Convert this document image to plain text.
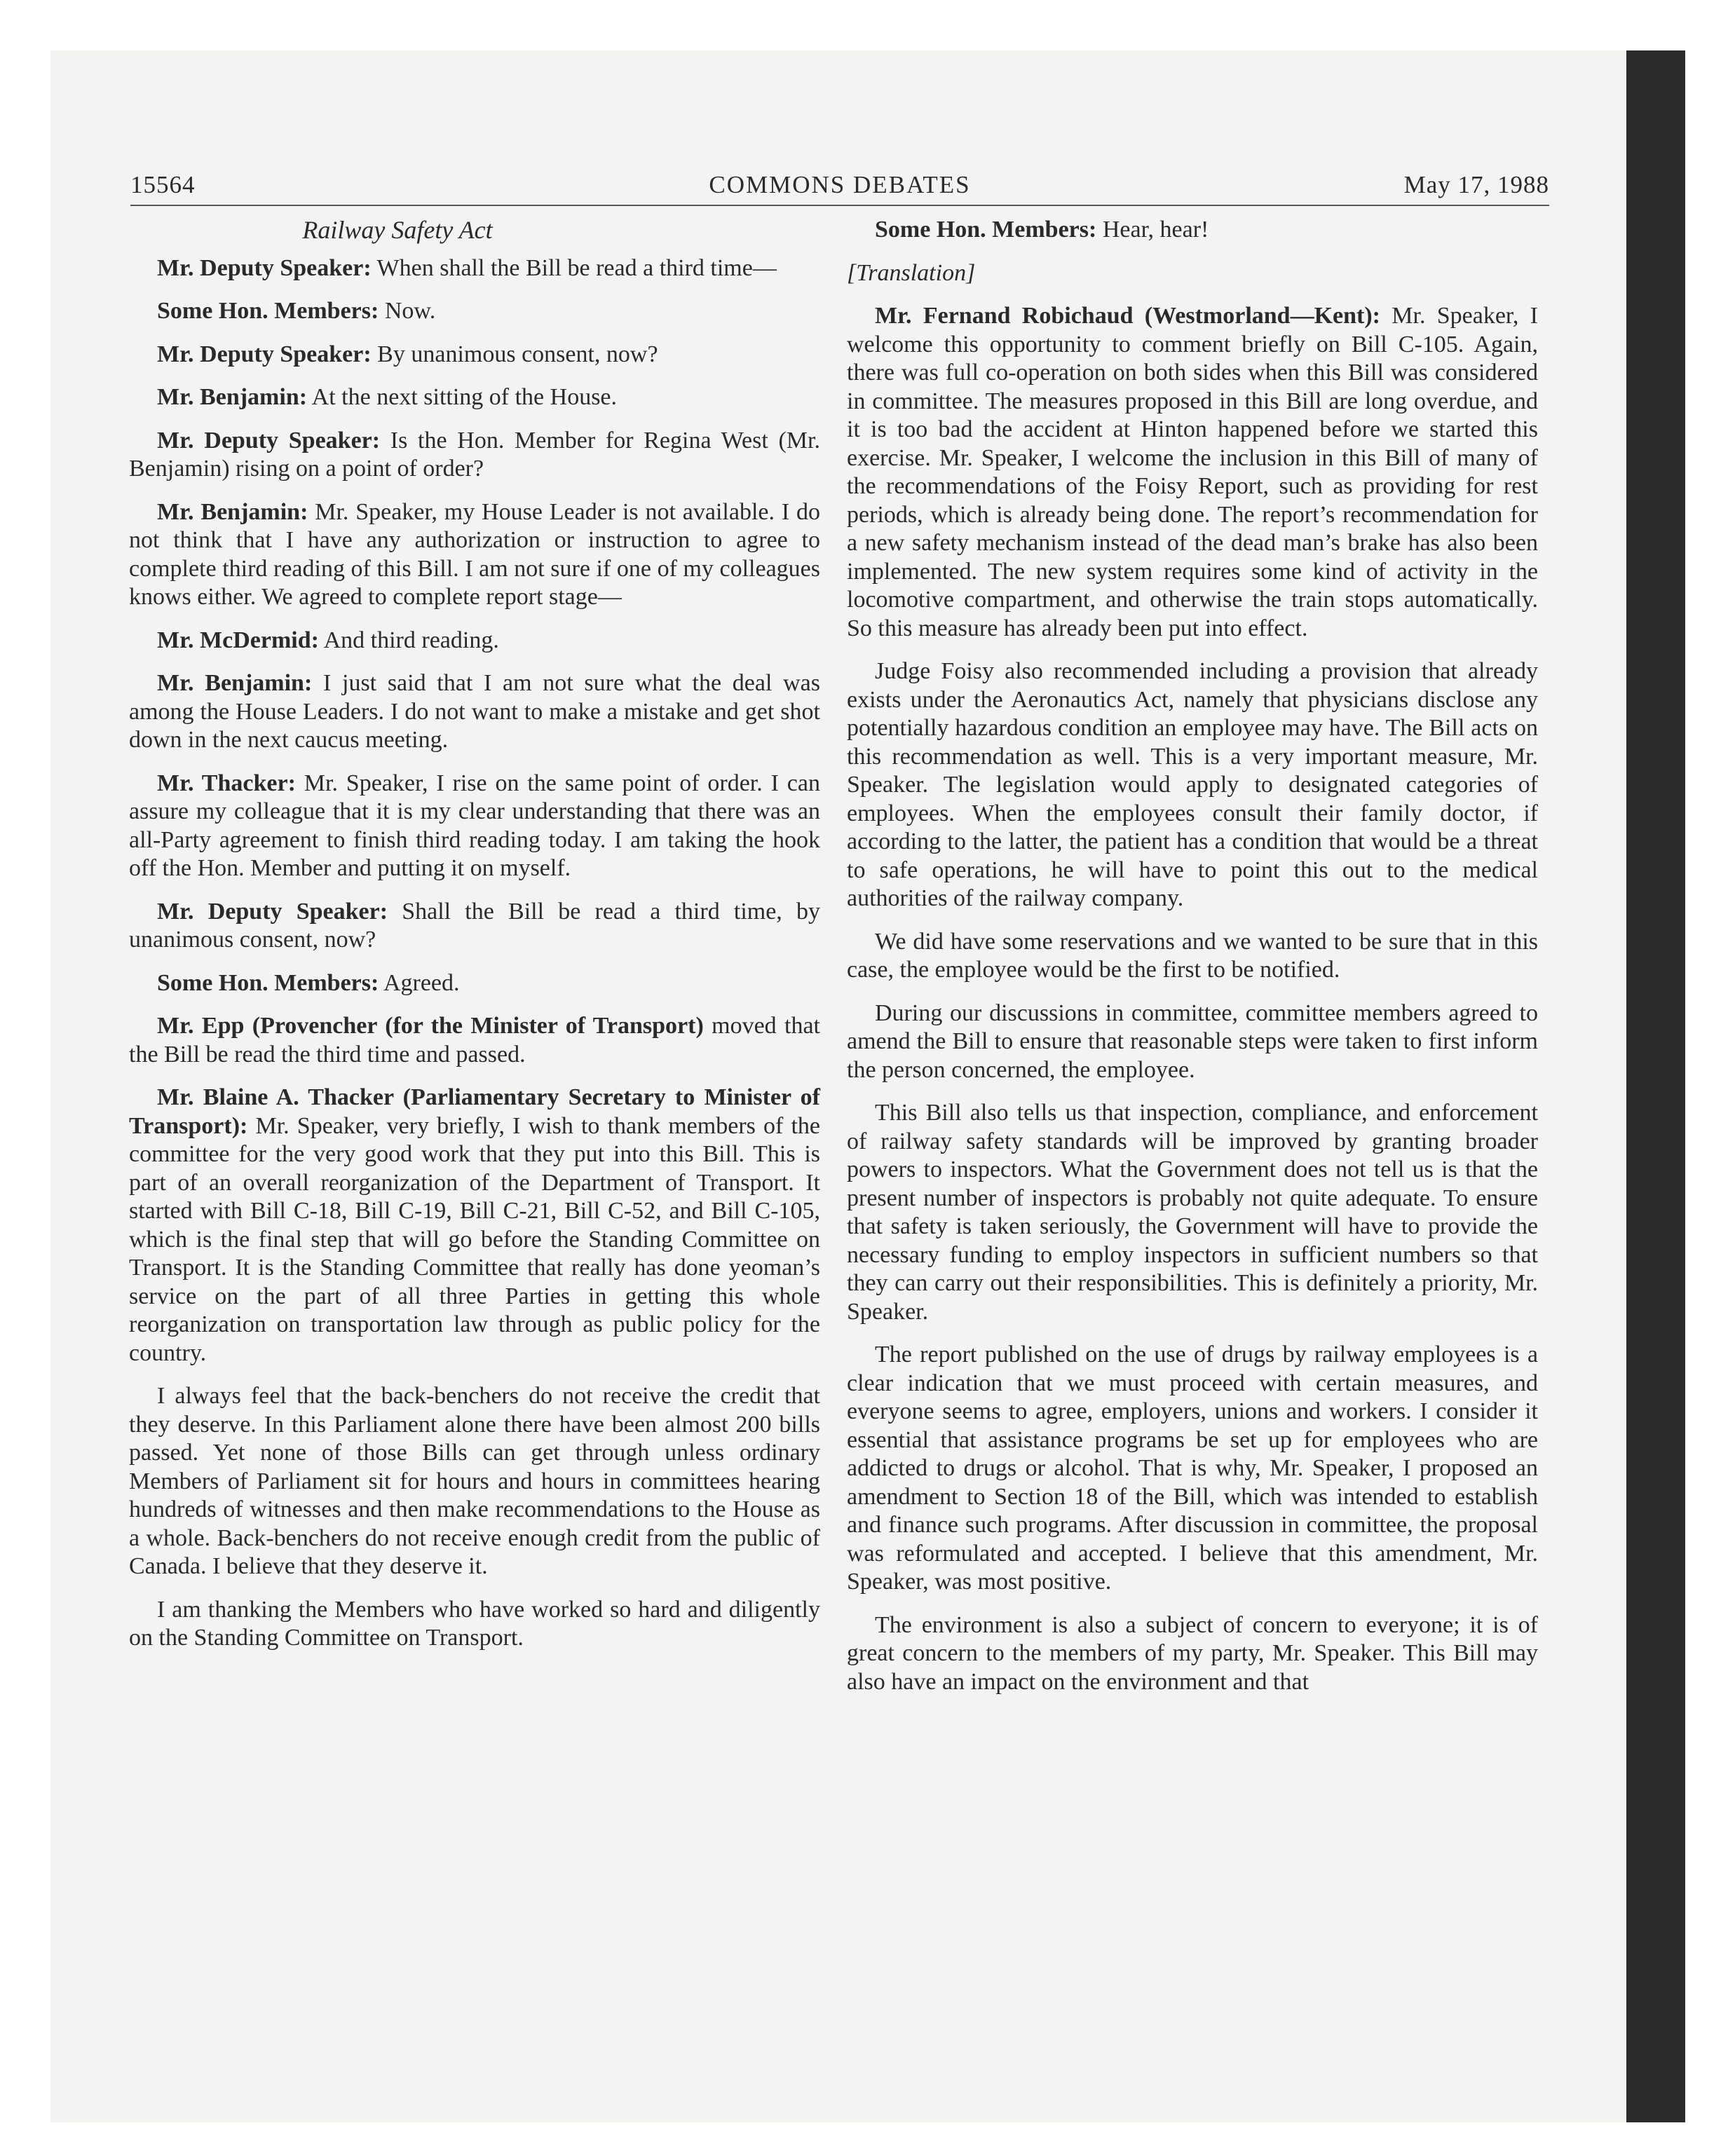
15564	COMMONS DEBATES	May 17, 1988
Railway Safety Act

Mr. Deputy Speaker: When shall the Bill be read a third time—

Some Hon. Members: Now.

Mr. Deputy Speaker: By unanimous consent, now?

Mr. Benjamin: At the next sitting of the House.

Mr. Deputy Speaker: Is the Hon. Member for Regina West (Mr. Benjamin) rising on a point of order?

Mr. Benjamin: Mr. Speaker, my House Leader is not available. I do not think that I have any authorization or instruction to agree to complete third reading of this Bill. I am not sure if one of my colleagues knows either. We agreed to complete report stage—

Mr. McDermid: And third reading.

Mr. Benjamin: I just said that I am not sure what the deal was among the House Leaders. I do not want to make a mistake and get shot down in the next caucus meeting.

Mr. Thacker: Mr. Speaker, I rise on the same point of order. I can assure my colleague that it is my clear understanding that there was an all-Party agreement to finish third reading today. I am taking the hook off the Hon. Member and putting it on myself.

Mr. Deputy Speaker: Shall the Bill be read a third time, by unanimous consent, now?

Some Hon. Members: Agreed.

Mr. Epp (Provencher (for the Minister of Transport) moved that the Bill be read the third time and passed.

Mr. Blaine A. Thacker (Parliamentary Secretary to Minister of Transport): Mr. Speaker, very briefly, I wish to thank members of the committee for the very good work that they put into this Bill. This is part of an overall reorganization of the Department of Transport. It started with Bill C-18, Bill C-19, Bill C-21, Bill C-52, and Bill C-105, which is the final step that will go before the Standing Committee on Transport. It is the Standing Committee that really has done yeoman’s service on the part of all three Parties in getting this whole reorganization on transportation law through as public policy for the country.

I always feel that the back-benchers do not receive the credit that they deserve. In this Parliament alone there have been almost 200 bills passed. Yet none of those Bills can get through unless ordinary Members of Parliament sit for hours and hours in committees hearing hundreds of witnesses and then make recommendations to the House as a whole. Back-benchers do not receive enough credit from the public of Canada. I believe that they deserve it.

I am thanking the Members who have worked so hard and diligently on the Standing Committee on Transport.

Some Hon. Members: Hear, hear!

[Translation]

Mr. Fernand Robichaud (Westmorland—Kent): Mr. Speaker, I welcome this opportunity to comment briefly on Bill C-105. Again, there was full co-operation on both sides when this Bill was considered in committee. The measures proposed in this Bill are long overdue, and it is too bad the accident at Hinton happened before we started this exercise. Mr. Speaker, I welcome the inclusion in this Bill of many of the recommendations of the Foisy Report, such as providing for rest periods, which is already being done. The report’s recommendation for a new safety mechanism instead of the dead man’s brake has also been implemented. The new system requires some kind of activity in the locomotive compartment, and otherwise the train stops automatically. So this measure has already been put into effect.

Judge Foisy also recommended including a provision that already exists under the Aeronautics Act, namely that physicians disclose any potentially hazardous condition an employee may have. The Bill acts on this recommendation as well. This is a very important measure, Mr. Speaker. The legislation would apply to designated categories of employees. When the employees consult their family doctor, if according to the latter, the patient has a condition that would be a threat to safe operations, he will have to point this out to the medical authorities of the railway company.

We did have some reservations and we wanted to be sure that in this case, the employee would be the first to be notified.

During our discussions in committee, committee members agreed to amend the Bill to ensure that reasonable steps were taken to first inform the person concerned, the employee.

This Bill also tells us that inspection, compliance, and enforcement of railway safety standards will be improved by granting broader powers to inspectors. What the Government does not tell us is that the present number of inspectors is probably not quite adequate. To ensure that safety is taken seriously, the Government will have to provide the necessary funding to employ inspectors in sufficient numbers so that they can carry out their responsibilities. This is definitely a priority, Mr. Speaker.

The report published on the use of drugs by railway employees is a clear indication that we must proceed with certain measures, and everyone seems to agree, employers, unions and workers. I consider it essential that assistance programs be set up for employees who are addicted to drugs or alcohol. That is why, Mr. Speaker, I proposed an amendment to Section 18 of the Bill, which was intended to establish and finance such programs. After discussion in committee, the proposal was reformulated and accepted. I believe that this amendment, Mr. Speaker, was most positive.

The environment is also a subject of concern to everyone; it is of great concern to the members of my party, Mr. Speaker. This Bill may also have an impact on the environment and that
